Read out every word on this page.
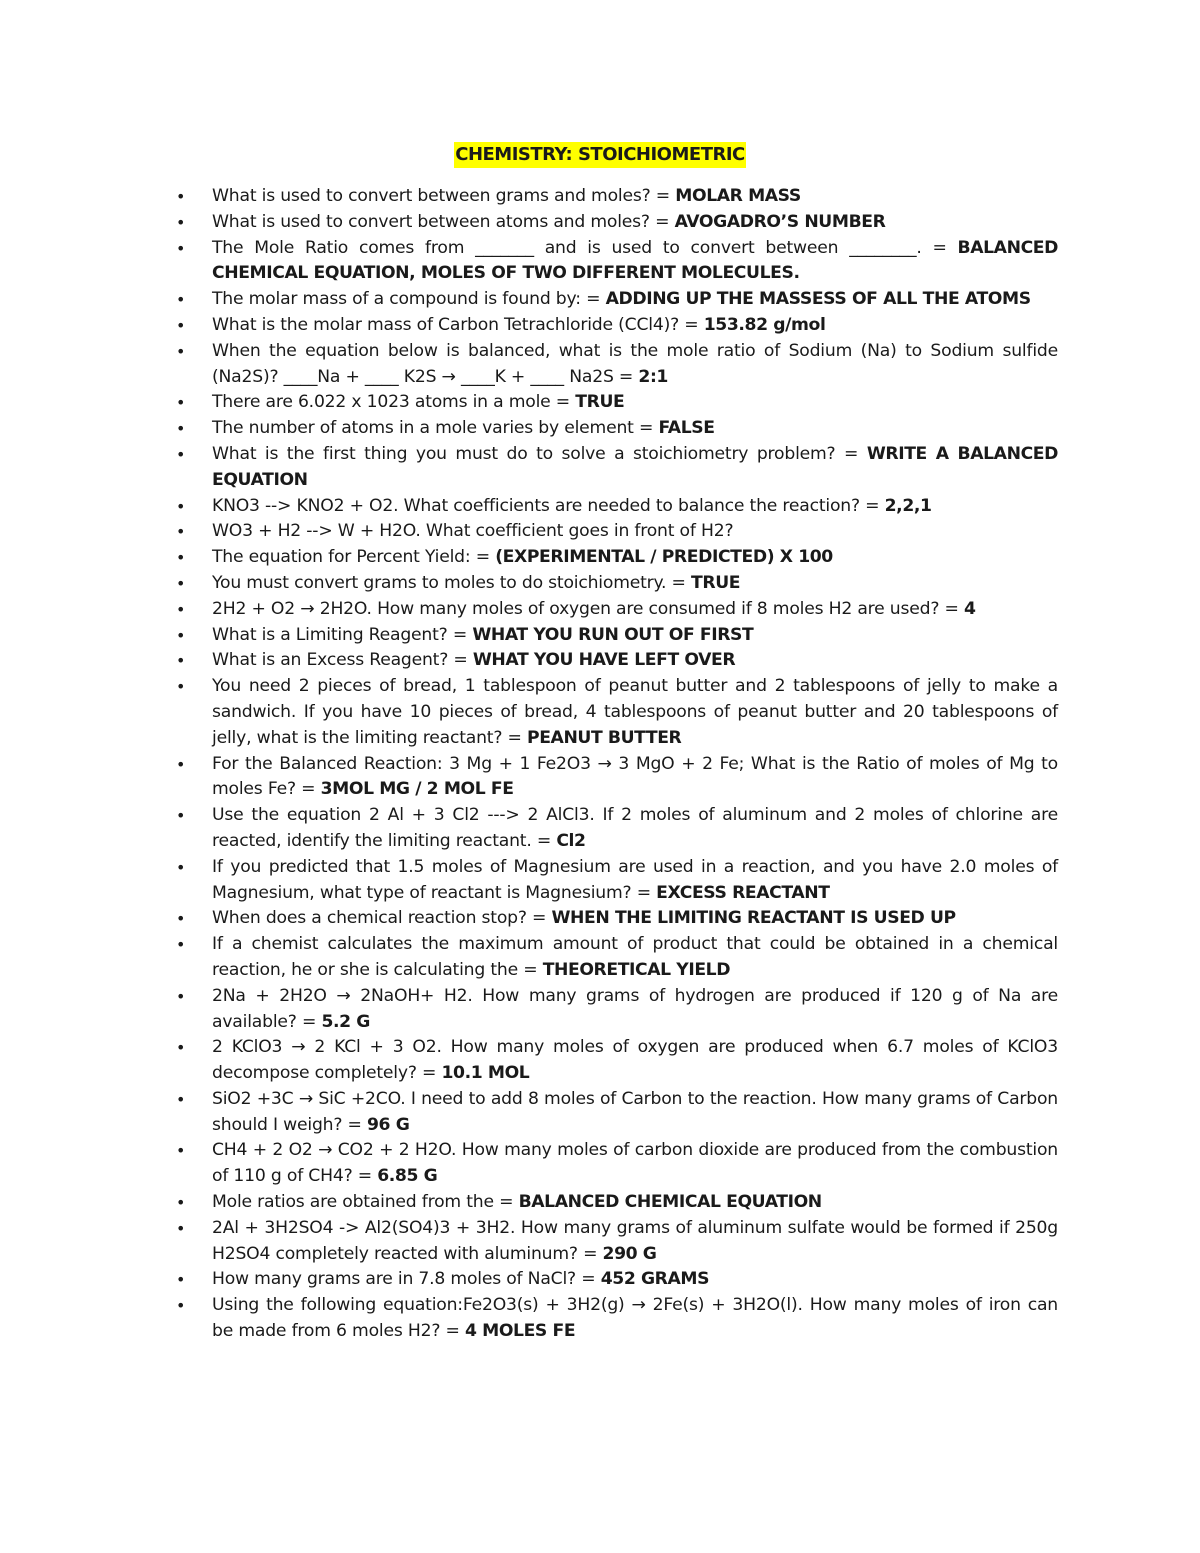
CHEMISTRY: STOICHIOMETRIC
• What is used to convert between grams and moles? = MOLAR MASS
• What is used to convert between atoms and moles? = AVOGADRO’S NUMBER
• The Mole Ratio comes from _______ and is used to convert between ________. = BALANCED CHEMICAL EQUATION, MOLES OF TWO DIFFERENT MOLECULES.
• The molar mass of a compound is found by: = ADDING UP THE MASSESS OF ALL THE ATOMS
• What is the molar mass of Carbon Tetrachloride (CCl4)? = 153.82 g/mol
• When the equation below is balanced, what is the mole ratio of Sodium (Na) to Sodium sulfide (Na2S)? ____Na + ____ K2S → ____K + ____ Na2S = 2:1
• There are 6.022 x 1023 atoms in a mole = TRUE
• The number of atoms in a mole varies by element = FALSE
• What is the first thing you must do to solve a stoichiometry problem? = WRITE A BALANCED EQUATION
• KNO3 --> KNO2 + O2. What coefficients are needed to balance the reaction? = 2,2,1
• WO3 + H2 --> W + H2O. What coefficient goes in front of H2?
• The equation for Percent Yield: = (EXPERIMENTAL / PREDICTED) X 100
• You must convert grams to moles to do stoichiometry. = TRUE
• 2H2 + O2 → 2H2O. How many moles of oxygen are consumed if 8 moles H2 are used? = 4
• What is a Limiting Reagent? = WHAT YOU RUN OUT OF FIRST
• What is an Excess Reagent? = WHAT YOU HAVE LEFT OVER
• You need 2 pieces of bread, 1 tablespoon of peanut butter and 2 tablespoons of jelly to make a sandwich. If you have 10 pieces of bread, 4 tablespoons of peanut butter and 20 tablespoons of jelly, what is the limiting reactant? = PEANUT BUTTER
• For the Balanced Reaction: 3 Mg + 1 Fe2O3 → 3 MgO + 2 Fe; What is the Ratio of moles of Mg to moles Fe? = 3MOL MG / 2 MOL FE
• Use the equation 2 Al + 3 Cl2 ---> 2 AlCl3. If 2 moles of aluminum and 2 moles of chlorine are reacted, identify the limiting reactant. = Cl2
• If you predicted that 1.5 moles of Magnesium are used in a reaction, and you have 2.0 moles of Magnesium, what type of reactant is Magnesium? = EXCESS REACTANT
• When does a chemical reaction stop? = WHEN THE LIMITING REACTANT IS USED UP
• If a chemist calculates the maximum amount of product that could be obtained in a chemical reaction, he or she is calculating the = THEORETICAL YIELD
• 2Na + 2H2O → 2NaOH+ H2. How many grams of hydrogen are produced if 120 g of Na are available? = 5.2 G
• 2 KClO3 → 2 KCl + 3 O2. How many moles of oxygen are produced when 6.7 moles of KClO3 decompose completely? = 10.1 MOL
• SiO2 +3C → SiC +2CO. I need to add 8 moles of Carbon to the reaction. How many grams of Carbon should I weigh? = 96 G
• CH4 + 2 O2 → CO2 + 2 H2O. How many moles of carbon dioxide are produced from the combustion of 110 g of CH4? = 6.85 G
• Mole ratios are obtained from the = BALANCED CHEMICAL EQUATION
• 2Al + 3H2SO4 -> Al2(SO4)3 + 3H2. How many grams of aluminum sulfate would be formed if 250g H2SO4 completely reacted with aluminum? = 290 G
• How many grams are in 7.8 moles of NaCl? = 452 GRAMS
• Using the following equation:Fe2O3(s) + 3H2(g) → 2Fe(s) + 3H2O(l). How many moles of iron can be made from 6 moles H2? = 4 MOLES FE
